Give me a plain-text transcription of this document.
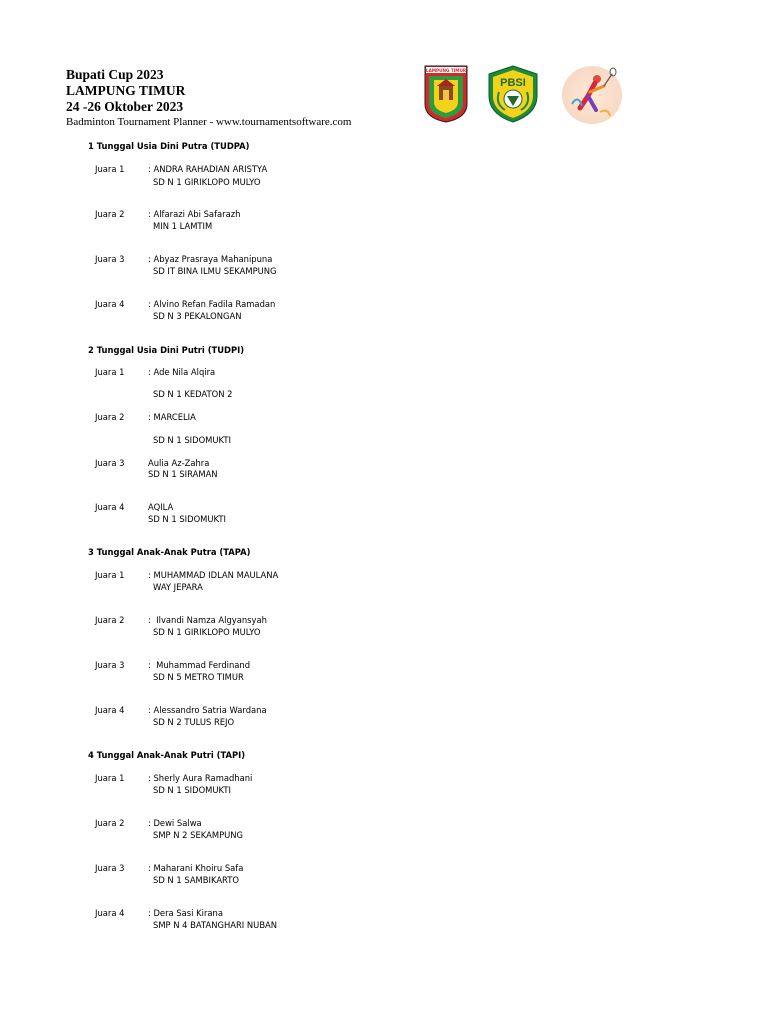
Bupati Cup 2023
LAMPUNG TIMUR
24 -26 Oktober 2023
Badminton Tournament Planner - www.tournamentsoftware.com
LAMPUNG TIMUR
PBSI
1 Tunggal Usia Dini Putra (TUDPA)
Juara 1	: ANDRA RAHADIAN ARISTYA
SD N 1 GIRIKLOPO MULYO
Juara 2	: Alfarazi Abi Safarazh
MIN 1 LAMTIM
Juara 3	: Abyaz Prasraya Mahanipuna
SD IT BINA ILMU SEKAMPUNG
Juara 4	: Alvino Refan Fadila Ramadan
SD N 3 PEKALONGAN
2 Tunggal Usia Dini Putri (TUDPI)
Juara 1	: Ade Nila Alqira
SD N 1 KEDATON 2
Juara 2	: MARCELIA
SD N 1 SIDOMUKTI
Juara 3	Aulia Az-Zahra
SD N 1 SIRAMAN
Juara 4	AQILA
SD N 1 SIDOMUKTI
3 Tunggal Anak-Anak Putra (TAPA)
Juara 1	: MUHAMMAD IDLAN MAULANA
WAY JEPARA
Juara 2	:  Ilvandi Namza Algyansyah
SD N 1 GIRIKLOPO MULYO
Juara 3	:  Muhammad Ferdinand
SD N 5 METRO TIMUR
Juara 4	: Alessandro Satria Wardana
SD N 2 TULUS REJO
4 Tunggal Anak-Anak Putri (TAPI)
Juara 1	: Sherly Aura Ramadhani
SD N 1 SIDOMUKTI
Juara 2	: Dewi Salwa
SMP N 2 SEKAMPUNG
Juara 3	: Maharani Khoiru Safa
SD N 1 SAMBIKARTO
Juara 4	: Dera Sasi Kirana
SMP N 4 BATANGHARI NUBAN
